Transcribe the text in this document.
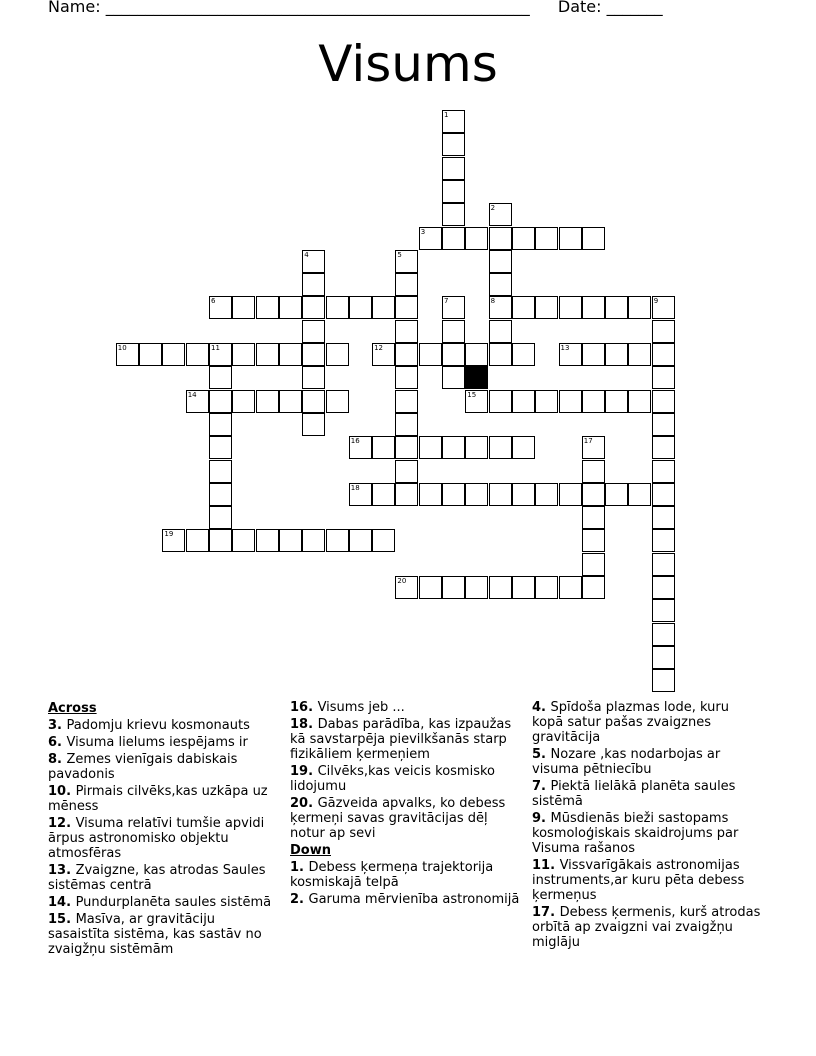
Name: _____________________________________________________ Date: _______
Visums
1
2
8
3
4	5
6	7	9
10	11	12	13
14	15
16	17
18
19
20
Across
3. Padomju krievu kosmonauts
6. Visuma lielums iespējams ir
8. Zemes vienīgais dabiskais pavadonis
10. Pirmais cilvēks,kas uzkāpa uz mēness
12. Visuma relatīvi tumšie apvidi ārpus astronomisko objektu atmosfēras
13. Zvaigzne, kas atrodas Saules sistēmas centrā
14. Pundurplanēta saules sistēmā
15. Masīva, ar gravitāciju sasaistīta sistēma, kas sastāv no zvaigžņu sistēmām
16. Visums jeb ...
18. Dabas parādība, kas izpaužas kā savstarpēja pievilkšanās starp fizikāliem ķermeņiem
19. Cilvēks,kas veicis kosmisko lidojumu
20. Gāzveida apvalks, ko debess ķermeņi savas gravitācijas dēļ notur ap sevi
Down
1. Debess ķermeņa trajektorija kosmiskajā telpā
2. Garuma mērvienība astronomijā
4. Spīdoša plazmas lode, kuru kopā satur pašas zvaigznes gravitācija
5. Nozare ,kas nodarbojas ar visuma pētniecību
7. Piektā lielākā planēta saules sistēmā
9. Mūsdienās bieži sastopams kosmoloģiskais skaidrojums par Visuma rašanos
11. Vissvarīgākais astronomijas instruments,ar kuru pēta debess ķermeņus
17. Debess ķermenis, kurš atrodas orbītā ap zvaigzni vai zvaigžņu miglāju
